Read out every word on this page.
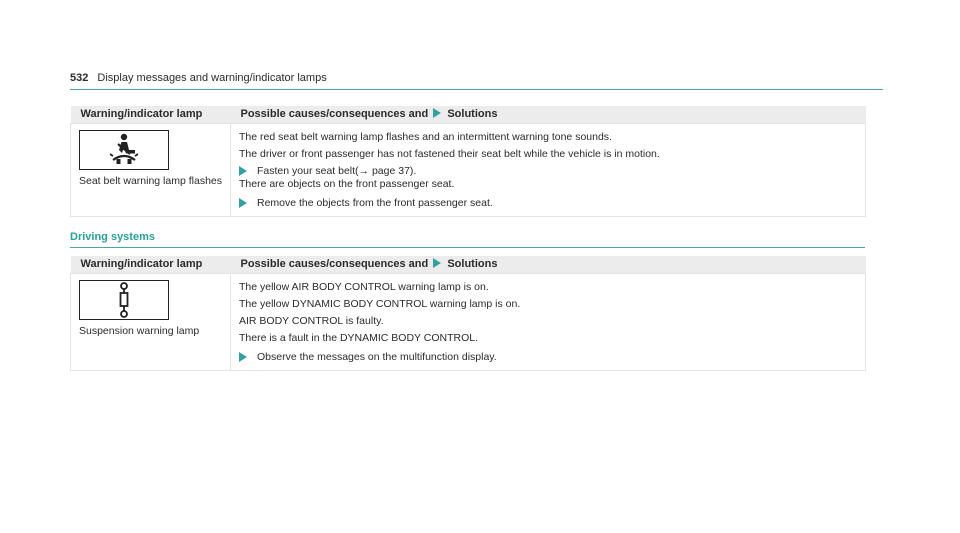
532 Display messages and warning/indicator lamps
Warning/indicator lamp	Possible causes/consequences and Solutions

Seat belt warning lamp flashes	The red seat belt warning lamp flashes and an intermittent warning tone sounds.

The driver or front passenger has not fastened their seat belt while the vehicle is in motion.

Fasten your seat belt(→ page 37).

There are objects on the front passenger seat.

Remove the objects from the front passenger seat.
Driving systems
Warning/indicator lamp	Possible causes/consequences and Solutions

Suspension warning lamp	The yellow AIR BODY CONTROL warning lamp is on.

The yellow DYNAMIC BODY CONTROL warning lamp is on.

AIR BODY CONTROL is faulty.

There is a fault in the DYNAMIC BODY CONTROL.

Observe the messages on the multifunction display.
